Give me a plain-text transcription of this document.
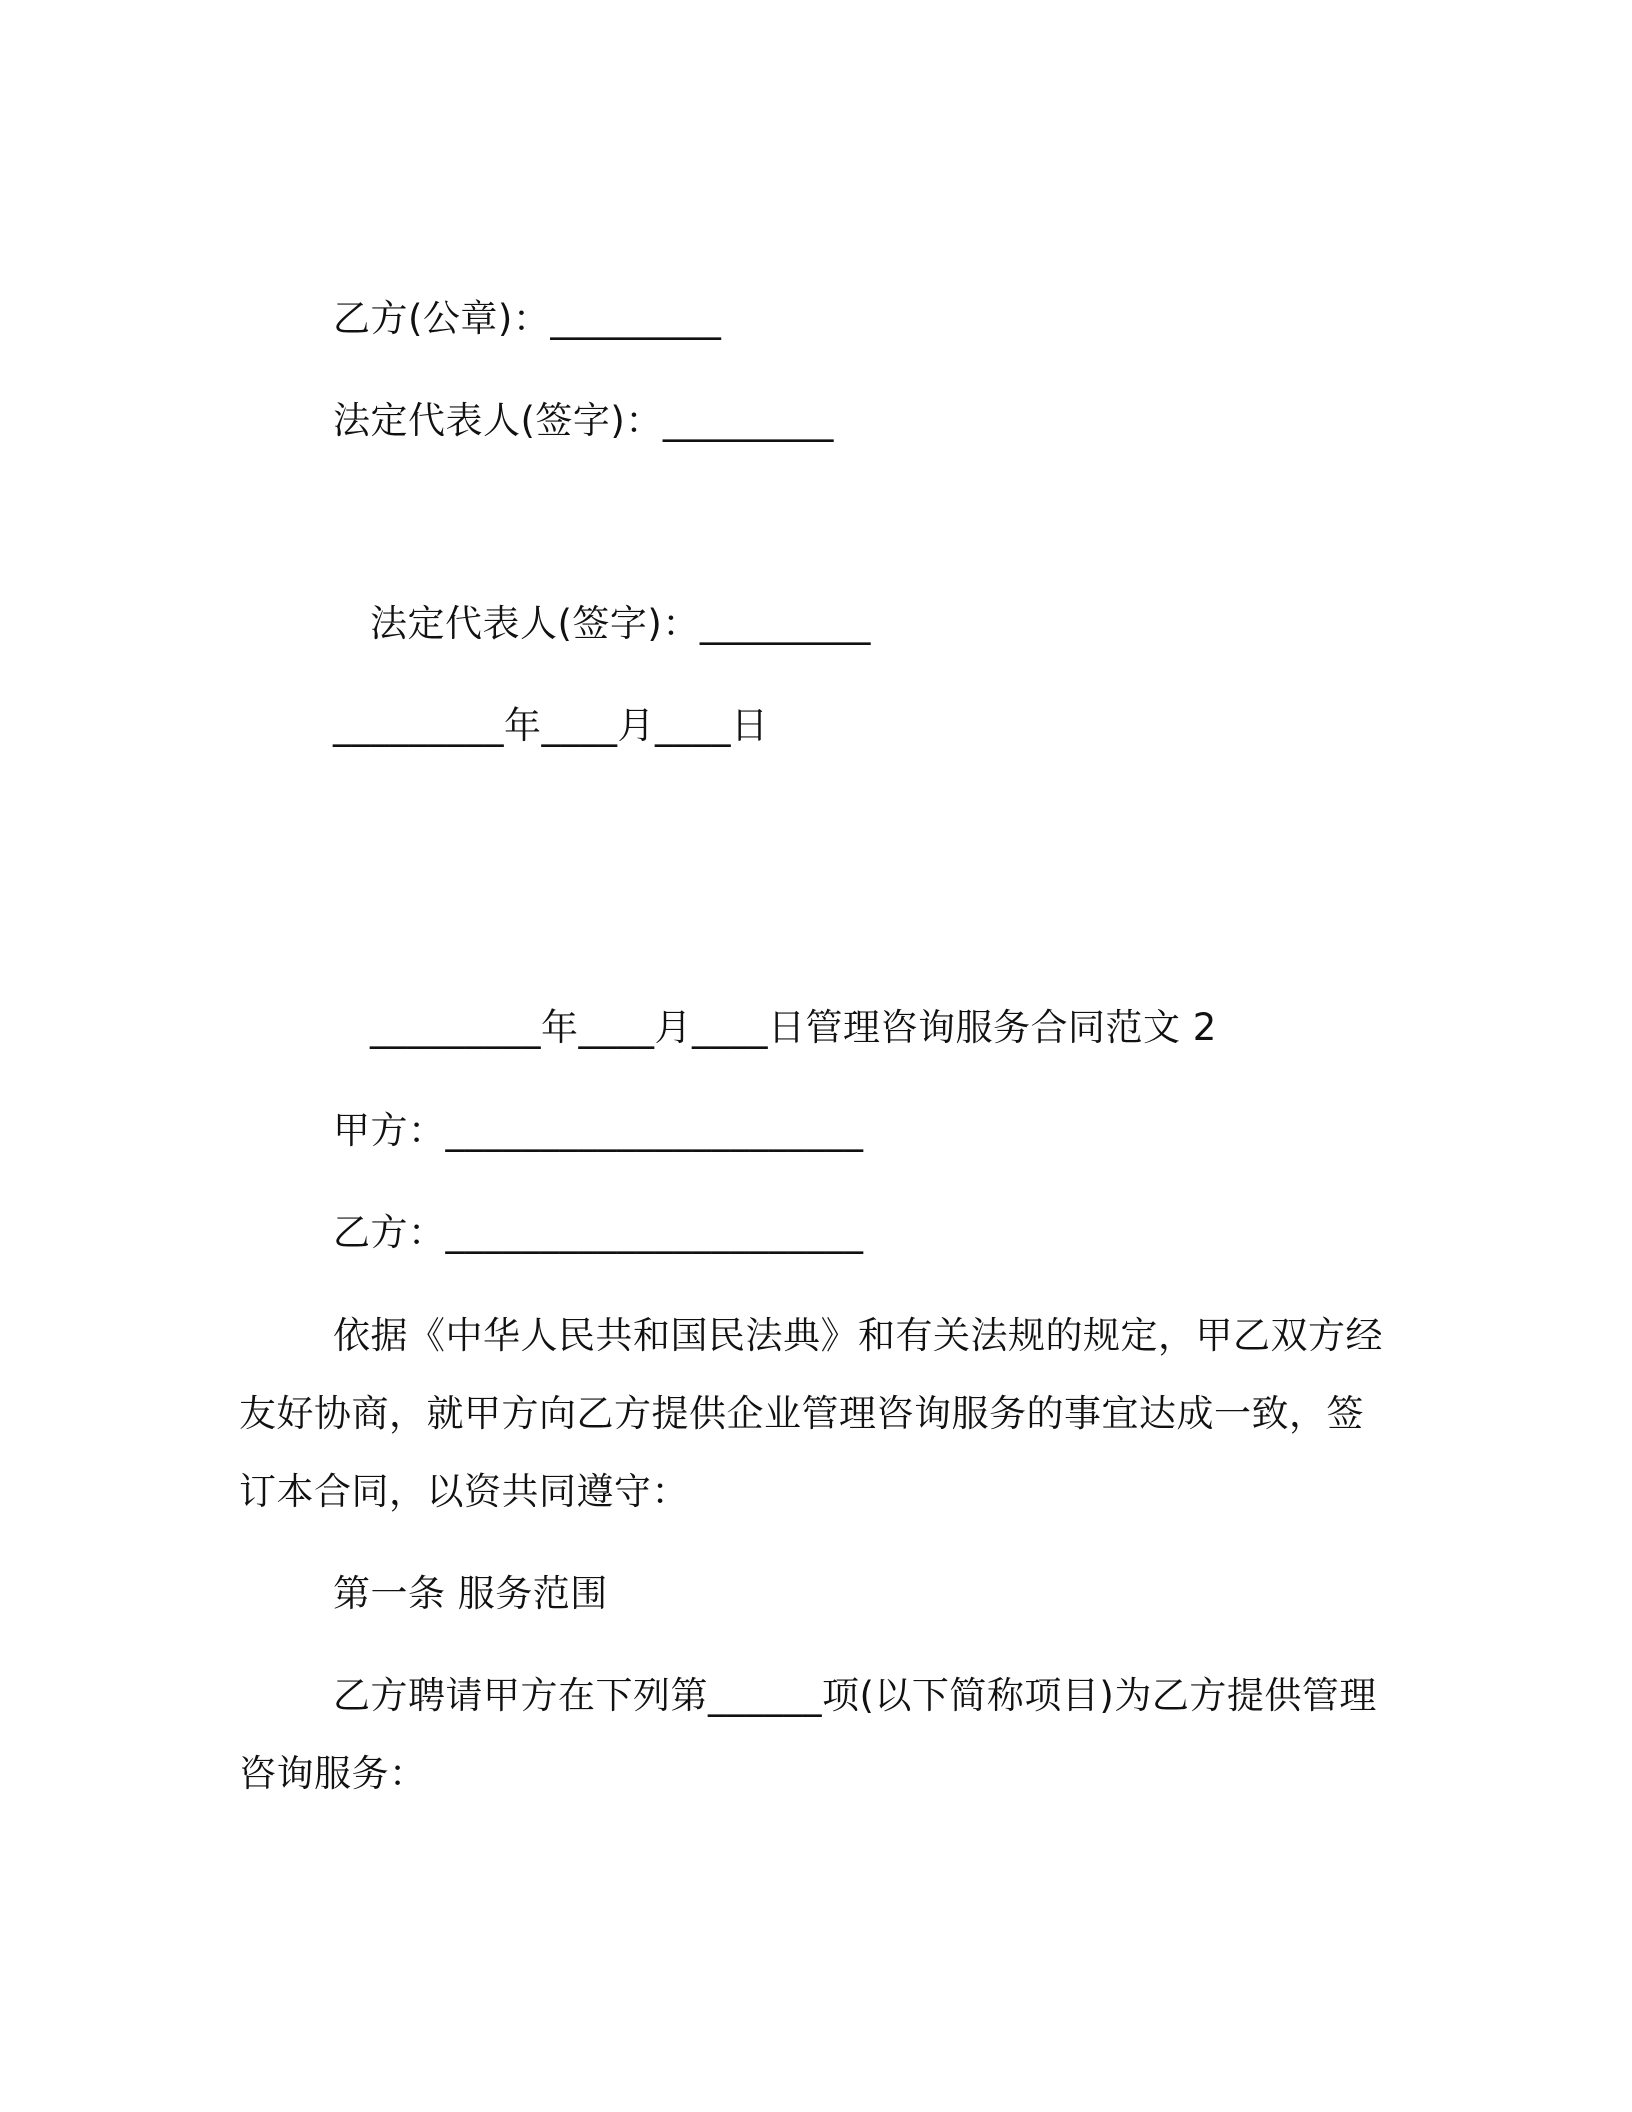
乙方(公章)：_________
法定代表人(签字)：_________
法定代表人(签字)：_________
_________年____月____日
_________年____月____日管理咨询服务合同范文 2
甲方：______________________
乙方：______________________
依据《中华人民共和国民法典》和有关法规的规定，甲乙双方经
友好协商，就甲方向乙方提供企业管理咨询服务的事宜达成一致，签
订本合同，以资共同遵守：
第一条 服务范围
乙方聘请甲方在下列第______项(以下简称项目)为乙方提供管理
咨询服务：
